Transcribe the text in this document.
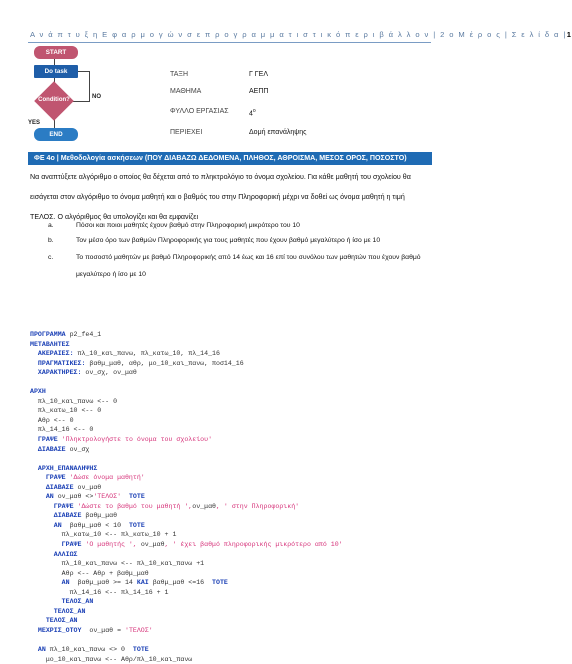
Α ν ά π τ υ ξ η Ε φ α ρ μ ο γ ώ ν σ ε π ρ ο γ ρ α μ μ α τ ι σ τ ι κ ό π ε ρ ι β ά λ λ ο ν | 2 ο Μ έ ρ ο ς | Σ ε λ ί δ α |1
START
Do task
Condition?	NO
YES
END
ΤΑΞΗ	Γ ΓΕΛ
ΜΑΘΗΜΑ	ΑΕΠΠ
ΦΥΛΛΟ ΕΡΓΑΣΙΑΣ	$4^o$
ΠΕΡΙΕΧΕΙ	Δομή επανάληψης
ΦΕ 4ο | Μεθοδολογία ασκήσεων (ΠΟΥ ΔΙΑΒΑΖΩ ΔΕΔΟΜΕΝΑ, ΠΛΗΘΟΣ, ΑΘΡΟΙΣΜΑ, ΜΕΣΟΣ ΟΡΟΣ, ΠΟΣΟΣΤΟ)
Να αναπτύξετε αλγόριθμο ο οποίος θα δέχεται από το πληκτρολόγιο το όνομα σχολείου. Για κάθε μαθητή του σχολείου θα εισάγεται στον αλγόριθμο το όνομα μαθητή και ο βαθμός του στην Πληροφορική μέχρι να δοθεί ως όνομα μαθητή η τιμή ΤΕΛΟΣ. Ο αλγόριθμος θα υπολογίζει και θα εμφανίζει
a.	Πόσοι και ποιοι μαθητές έχουν βαθμό στην Πληροφορική μικρότερο του 10
b.	Τον μέσο όρο των βαθμών Πληροφορικής για τους μαθητές που έχουν βαθμό μεγαλύτερο ή ίσο με 10
c.	Το ποσοστό μαθητών με βαθμό Πληροφορικής από 14 έως και 16 επί του συνόλου των μαθητών που έχουν βαθμό μεγαλύτερο ή ίσο με 10
ΠΡΟΓΡΑΜΜΑ p2_fe4_1
ΜΕΤΑΒΛΗΤΕΣ
ΑΚΕΡΑΙΕΣ: πλ_10_και_πανω, πλ_κατω_10, πλ_14_16
ΠΡΑΓΜΑΤΙΚΕΣ: βαθμ_μαθ, αθρ, μο_10_και_πανω, ποσ14_16
ΧΑΡΑΚΤΗΡΕΣ: ον_σχ, ον_μαθ
ΑΡΧΗ
πλ_10_και_πανω <-- 0
πλ_κατω_10 <-- 0
Αθρ <-- 0
πλ_14_16 <-- 0
ΓΡΑΨΕ 'Πληκτρολογήστε το όνομα του σχολείου'
ΔΙΑΒΑΣΕ ον_σχ
ΑΡΧΗ_ΕΠΑΝΑΛΗΨΗΣ
ΓΡΑΨΕ 'Δώσε όνομα μαθητή'
ΔΙΑΒΑΣΕ ον_μαθ
ΑΝ ον_μαθ <>'ΤΕΛΟΣ' ΤΟΤΕ
ΓΡΑΨΕ 'Δώστε το βαθμό του μαθητή ',ον_μαθ, ' στην Πληροφορική'
ΔΙΑΒΑΣΕ βαθμ_μαθ
ΑΝ  βαθμ_μαθ < 10  ΤΟΤΕ
πλ_κατω_10 <-- πλ_κατω_10 + 1
ΓΡΑΨΕ 'Ο μαθητής ', ον_μαθ, ' έχει βαθμό πληροφορικής μικρότερο από 10'
ΑΛΛΙΩΣ
πλ_10_και_πανω <-- πλ_10_και_πανω +1
Αθρ <-- Αθρ + βαθμ_μαθ
ΑΝ  βαθμ_μαθ >= 14 ΚΑΙ βαθμ_μαθ <=16  ΤΟΤΕ
πλ_14_16 <-- πλ_14_16 + 1
ΤΕΛΟΣ_ΑΝ
ΤΕΛΟΣ_ΑΝ
ΤΕΛΟΣ_ΑΝ
ΜΕΧΡΙΣ_ΟΤΟΥ  ον_μαθ = 'ΤΕΛΟΣ'
ΑΝ πλ_10_και_πανω <> 0  ΤΟΤΕ
μο_10_και_πανω <-- Αθρ/πλ_10_και_πανω
